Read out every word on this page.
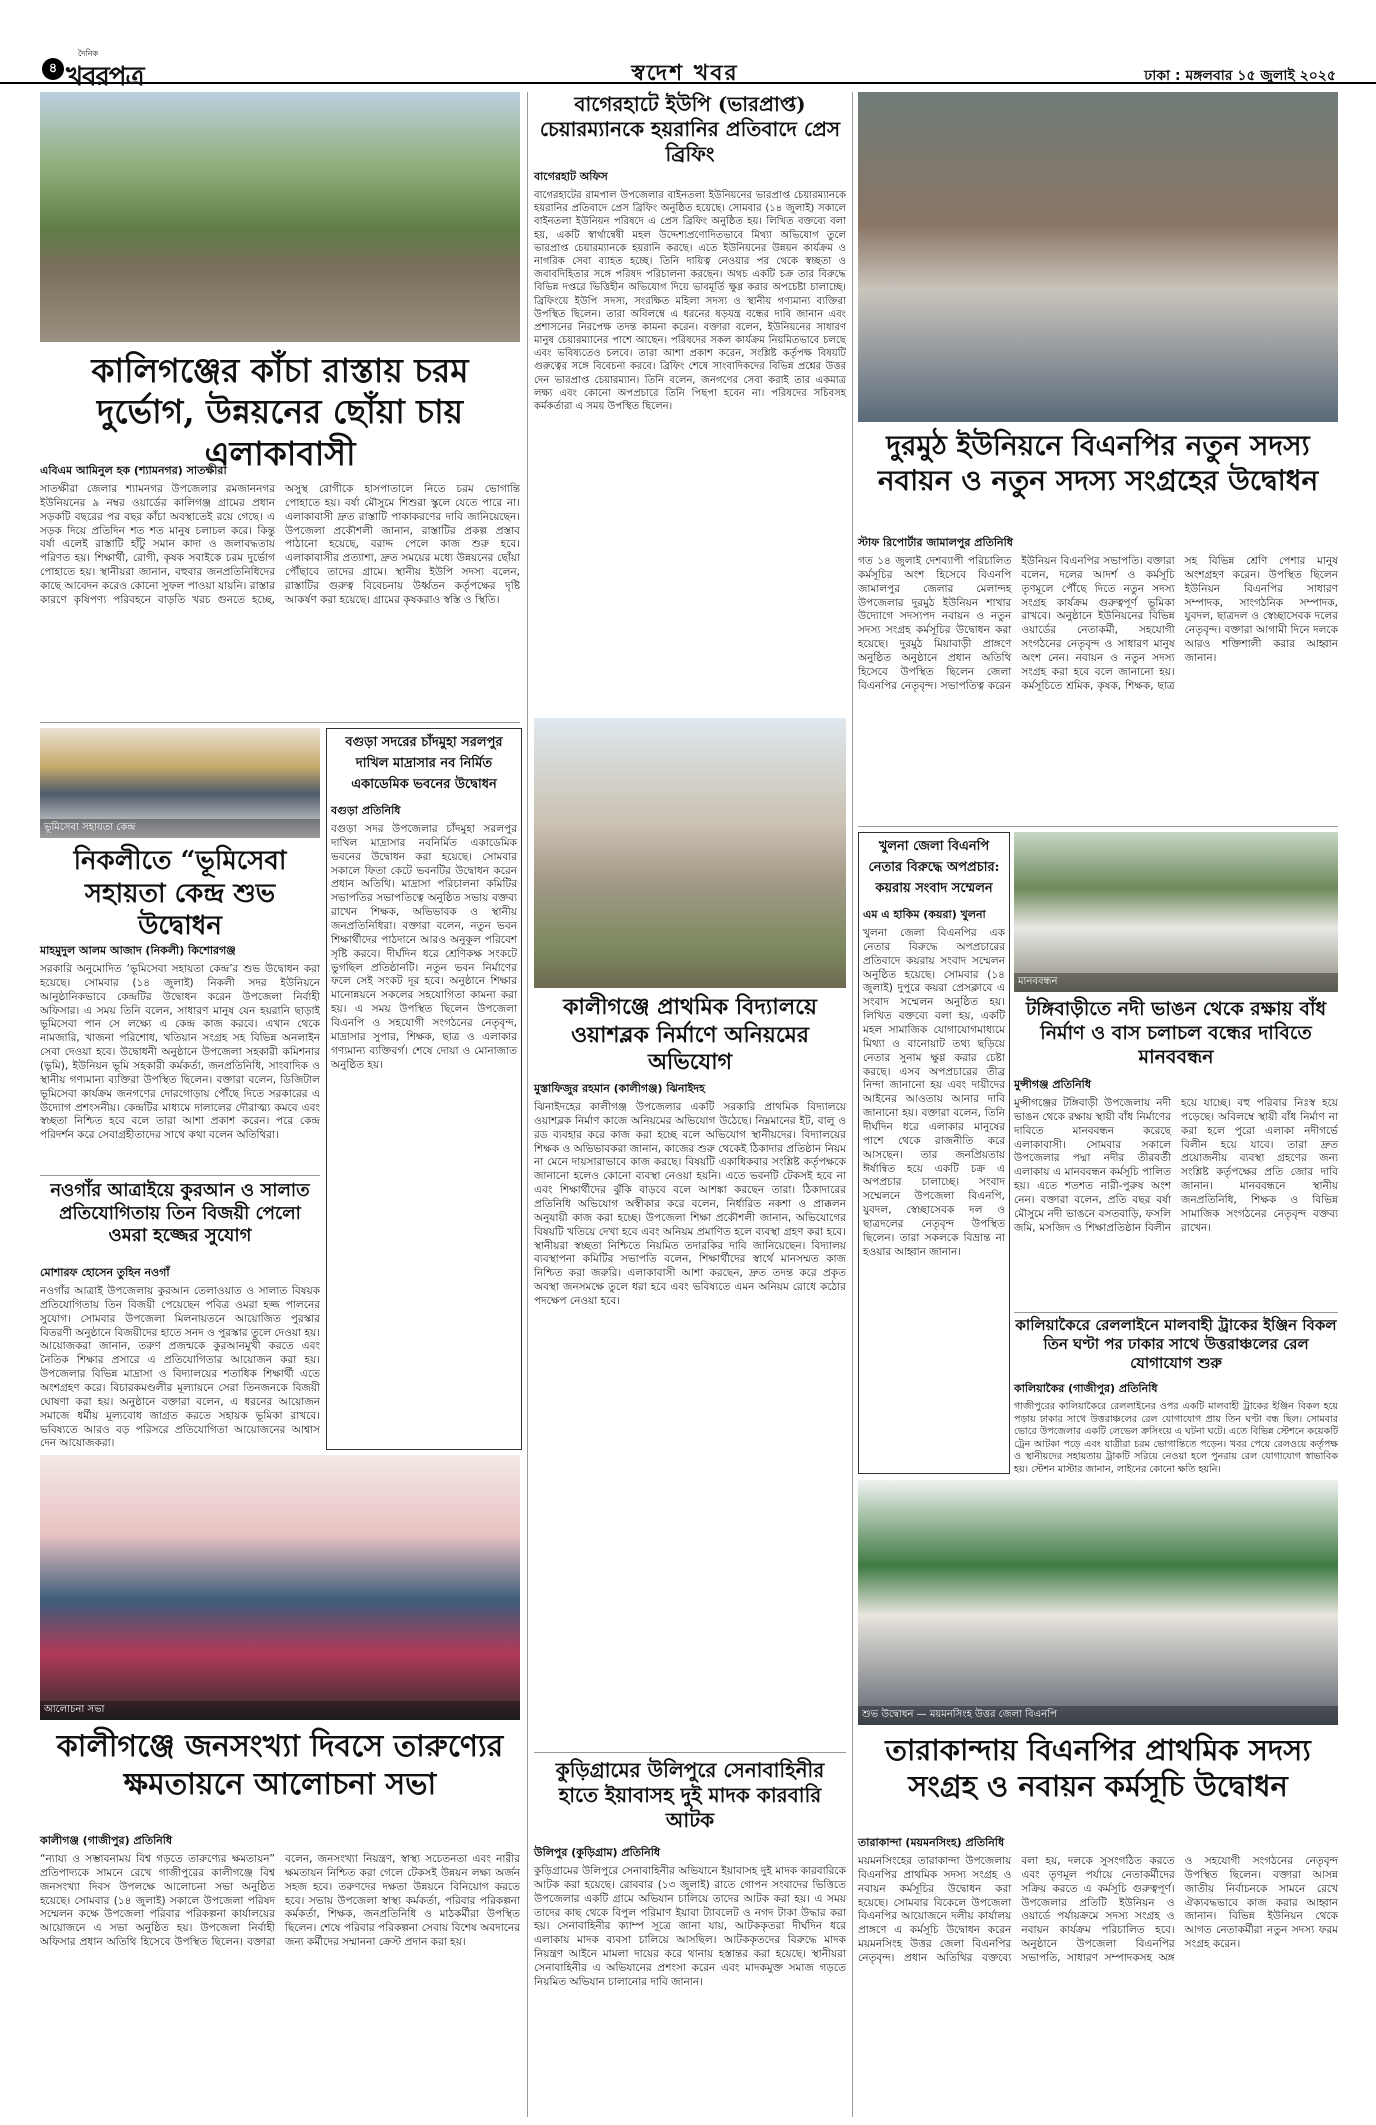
৪
দৈনিক
খবরপত্র	স্বদেশ খবর	ঢাকা : মঙ্গলবার ১৫ জুলাই ২০২৫
কালিগঞ্জের কাঁচা রাস্তায় চরম দুর্ভোগ, উন্নয়নের ছোঁয়া চায় এলাকাবাসী
এবিএম আমিনুল হক (শ্যামনগর) সাতক্ষীরা
সাতক্ষীরা জেলার শ্যামনগর উপজেলার রমজাননগর ইউনিয়নের ৯ নম্বর ওয়ার্ডের কালিগঞ্জ গ্রামের প্রধান সড়কটি বছরের পর বছর কাঁচা অবস্থাতেই রয়ে গেছে। এ সড়ক দিয়ে প্রতিদিন শত শত মানুষ চলাচল করে। কিন্তু বর্ষা এলেই রাস্তাটি হাঁটু সমান কাদা ও জলাবদ্ধতায় পরিণত হয়। শিক্ষার্থী, রোগী, কৃষক সবাইকে চরম দুর্ভোগ পোহাতে হয়। স্থানীয়রা জানান, বহুবার জনপ্রতিনিধিদের কাছে আবেদন করেও কোনো সুফল পাওয়া যায়নি। রাস্তার কারণে কৃষিপণ্য পরিবহনে বাড়তি খরচ গুনতে হচ্ছে, অসুস্থ রোগীকে হাসপাতালে নিতে চরম ভোগান্তি পোহাতে হয়। বর্ষা মৌসুমে শিশুরা স্কুলে যেতে পারে না। এলাকাবাসী দ্রুত রাস্তাটি পাকাকরণের দাবি জানিয়েছেন। উপজেলা প্রকৌশলী জানান, রাস্তাটির প্রকল্প প্রস্তাব পাঠানো হয়েছে, বরাদ্দ পেলে কাজ শুরু হবে। এলাকাবাসীর প্রত্যাশা, দ্রুত সময়ের মধ্যে উন্নয়নের ছোঁয়া পৌঁছাবে তাদের গ্রামে। স্থানীয় ইউপি সদস্য বলেন, রাস্তাটির গুরুত্ব বিবেচনায় উর্ধ্বতন কর্তৃপক্ষের দৃষ্টি আকর্ষণ করা হয়েছে। গ্রামের কৃষকরাও স্বস্তি ও স্থিতি।
ভূমিসেবা সহায়তা কেন্দ্র
নিকলীতে “ভূমিসেবা সহায়তা কেন্দ্র শুভ উদ্বোধন
মাহমুদুল আলম আজাদ (নিকলী) কিশোরগঞ্জ
সরকারি অনুমোদিত ‘ভূমিসেবা সহায়তা কেন্দ্র’র শুভ উদ্বোধন করা হয়েছে। সোমবার (১৪ জুলাই) নিকলী সদর ইউনিয়নে আনুষ্ঠানিকভাবে কেন্দ্রটির উদ্বোধন করেন উপজেলা নির্বাহী অফিসার। এ সময় তিনি বলেন, সাধারণ মানুষ যেন হয়রানি ছাড়াই ভূমিসেবা পান সে লক্ষ্যে এ কেন্দ্র কাজ করবে। এখান থেকে নামজারি, খাজনা পরিশোধ, খতিয়ান সংগ্রহ সহ বিভিন্ন অনলাইন সেবা দেওয়া হবে। উদ্বোধনী অনুষ্ঠানে উপজেলা সহকারী কমিশনার (ভূমি), ইউনিয়ন ভূমি সহকারী কর্মকর্তা, জনপ্রতিনিধি, সাংবাদিক ও স্থানীয় গণ্যমান্য ব্যক্তিরা উপস্থিত ছিলেন। বক্তারা বলেন, ডিজিটাল ভূমিসেবা কার্যক্রম জনগণের দোরগোড়ায় পৌঁছে দিতে সরকারের এ উদ্যোগ প্রশংসনীয়। কেন্দ্রটির মাধ্যমে দালালের দৌরাত্ম্য কমবে এবং স্বচ্ছতা নিশ্চিত হবে বলে তারা আশা প্রকাশ করেন। পরে কেন্দ্র পরিদর্শন করে সেবাগ্রহীতাদের সাথে কথা বলেন অতিথিরা।
বগুড়া সদরের চাঁদমুহা সরলপুর দাখিল মাদ্রাসার নব নির্মিত একাডেমিক ভবনের উদ্বোধন
বগুড়া প্রতিনিধি
বগুড়া সদর উপজেলার চাঁদমুহা সরলপুর দাখিল মাদ্রাসার নবনির্মিত একাডেমিক ভবনের উদ্বোধন করা হয়েছে। সোমবার সকালে ফিতা কেটে ভবনটির উদ্বোধন করেন প্রধান অতিথি। মাদ্রাসা পরিচালনা কমিটির সভাপতির সভাপতিত্বে অনুষ্ঠিত সভায় বক্তব্য রাখেন শিক্ষক, অভিভাবক ও স্থানীয় জনপ্রতিনিধিরা। বক্তারা বলেন, নতুন ভবন শিক্ষার্থীদের পাঠদানে আরও অনুকূল পরিবেশ সৃষ্টি করবে। দীর্ঘদিন ধরে শ্রেণিকক্ষ সংকটে ভুগছিল প্রতিষ্ঠানটি। নতুন ভবন নির্মাণের ফলে সেই সংকট দূর হবে। অনুষ্ঠানে শিক্ষার মানোন্নয়নে সকলের সহযোগিতা কামনা করা হয়। এ সময় উপস্থিত ছিলেন উপজেলা বিএনপি ও সহযোগী সংগঠনের নেতৃবৃন্দ, মাদ্রাসার সুপার, শিক্ষক, ছাত্র ও এলাকার গণ্যমান্য ব্যক্তিবর্গ। শেষে দোয়া ও মোনাজাত অনুষ্ঠিত হয়।
নওগাঁর আত্রাইয়ে কুরআন ও সালাত প্রতিযোগিতায় তিন বিজয়ী পেলো ওমরা হজ্জের সুযোগ
মোশারফ হোসেন তুহিন নওগাঁ
নওগাঁর আত্রাই উপজেলায় কুরআন তেলাওয়াত ও সালাত বিষয়ক প্রতিযোগিতায় তিন বিজয়ী পেয়েছেন পবিত্র ওমরা হজ্জ পালনের সুযোগ। সোমবার উপজেলা মিলনায়তনে আয়োজিত পুরস্কার বিতরণী অনুষ্ঠানে বিজয়ীদের হাতে সনদ ও পুরস্কার তুলে দেওয়া হয়। আয়োজকরা জানান, তরুণ প্রজন্মকে কুরআনমুখী করতে এবং নৈতিক শিক্ষার প্রসারে এ প্রতিযোগিতার আয়োজন করা হয়। উপজেলার বিভিন্ন মাদ্রাসা ও বিদ্যালয়ের শতাধিক শিক্ষার্থী এতে অংশগ্রহণ করে। বিচারকমণ্ডলীর মূল্যায়নে সেরা তিনজনকে বিজয়ী ঘোষণা করা হয়। অনুষ্ঠানে বক্তারা বলেন, এ ধরনের আয়োজন সমাজে ধর্মীয় মূল্যবোধ জাগ্রত করতে সহায়ক ভূমিকা রাখবে। ভবিষ্যতে আরও বড় পরিসরে প্রতিযোগিতা আয়োজনের আশ্বাস দেন আয়োজকরা।
আলোচনা সভা
কালীগঞ্জে জনসংখ্যা দিবসে তারুণ্যের ক্ষমতায়নে আলোচনা সভা
কালীগঞ্জ (গাজীপুর) প্রতিনিধি
“ন্যায্য ও সম্ভাবনাময় বিশ্ব গড়তে তারুণ্যের ক্ষমতায়ন” প্রতিপাদ্যকে সামনে রেখে গাজীপুরের কালীগঞ্জে বিশ্ব জনসংখ্যা দিবস উপলক্ষে আলোচনা সভা অনুষ্ঠিত হয়েছে। সোমবার (১৪ জুলাই) সকালে উপজেলা পরিষদ সম্মেলন কক্ষে উপজেলা পরিবার পরিকল্পনা কার্যালয়ের আয়োজনে এ সভা অনুষ্ঠিত হয়। উপজেলা নির্বাহী অফিসার প্রধান অতিথি হিসেবে উপস্থিত ছিলেন। বক্তারা বলেন, জনসংখ্যা নিয়ন্ত্রণ, স্বাস্থ্য সচেতনতা এবং নারীর ক্ষমতায়ন নিশ্চিত করা গেলে টেকসই উন্নয়ন লক্ষ্য অর্জন সহজ হবে। তরুণদের দক্ষতা উন্নয়নে বিনিয়োগ করতে হবে। সভায় উপজেলা স্বাস্থ্য কর্মকর্তা, পরিবার পরিকল্পনা কর্মকর্তা, শিক্ষক, জনপ্রতিনিধি ও মাঠকর্মীরা উপস্থিত ছিলেন। শেষে পরিবার পরিকল্পনা সেবায় বিশেষ অবদানের জন্য কর্মীদের সম্মাননা ক্রেস্ট প্রদান করা হয়।
বাগেরহাটে ইউপি (ভারপ্রাপ্ত) চেয়ারম্যানকে হয়রানির প্রতিবাদে প্রেস ব্রিফিং
বাগেরহাট অফিস
বাগেরহাটের রামপাল উপজেলার বাইনতলা ইউনিয়নের ভারপ্রাপ্ত চেয়ারম্যানকে হয়রানির প্রতিবাদে প্রেস ব্রিফিং অনুষ্ঠিত হয়েছে। সোমবার (১৪ জুলাই) সকালে বাইনতলা ইউনিয়ন পরিষদে এ প্রেস ব্রিফিং অনুষ্ঠিত হয়। লিখিত বক্তব্যে বলা হয়, একটি স্বার্থান্বেষী মহল উদ্দেশ্যপ্রণোদিতভাবে মিথ্যা অভিযোগ তুলে ভারপ্রাপ্ত চেয়ারম্যানকে হয়রানি করছে। এতে ইউনিয়নের উন্নয়ন কার্যক্রম ও নাগরিক সেবা ব্যাহত হচ্ছে। তিনি দায়িত্ব নেওয়ার পর থেকে স্বচ্ছতা ও জবাবদিহিতার সঙ্গে পরিষদ পরিচালনা করছেন। অথচ একটি চক্র তার বিরুদ্ধে বিভিন্ন দপ্তরে ভিত্তিহীন অভিযোগ দিয়ে ভাবমূর্তি ক্ষুণ্ণ করার অপচেষ্টা চালাচ্ছে। ব্রিফিংয়ে ইউপি সদস্য, সংরক্ষিত মহিলা সদস্য ও স্থানীয় গণ্যমান্য ব্যক্তিরা উপস্থিত ছিলেন। তারা অবিলম্বে এ ধরনের ষড়যন্ত্র বন্ধের দাবি জানান এবং প্রশাসনের নিরপেক্ষ তদন্ত কামনা করেন। বক্তারা বলেন, ইউনিয়নের সাধারণ মানুষ চেয়ারম্যানের পাশে আছেন। পরিষদের সকল কার্যক্রম নিয়মিতভাবে চলছে এবং ভবিষ্যতেও চলবে। তারা আশা প্রকাশ করেন, সংশ্লিষ্ট কর্তৃপক্ষ বিষয়টি গুরুত্বের সঙ্গে বিবেচনা করবে। ব্রিফিং শেষে সাংবাদিকদের বিভিন্ন প্রশ্নের উত্তর দেন ভারপ্রাপ্ত চেয়ারম্যান। তিনি বলেন, জনগণের সেবা করাই তার একমাত্র লক্ষ্য এবং কোনো অপপ্রচারে তিনি পিছপা হবেন না। পরিষদের সচিবসহ কর্মকর্তারা এ সময় উপস্থিত ছিলেন।
কালীগঞ্জে প্রাথমিক বিদ্যালয়ে ওয়াশব্লক নির্মাণে অনিয়মের অভিযোগ
মুস্তাফিজুর রহমান (কালীগঞ্জ) ঝিনাইদহ
ঝিনাইদহের কালীগঞ্জ উপজেলার একটি সরকারি প্রাথমিক বিদ্যালয়ে ওয়াশব্লক নির্মাণ কাজে অনিয়মের অভিযোগ উঠেছে। নিম্নমানের ইট, বালু ও রড ব্যবহার করে কাজ করা হচ্ছে বলে অভিযোগ স্থানীয়দের। বিদ্যালয়ের শিক্ষক ও অভিভাবকরা জানান, কাজের শুরু থেকেই ঠিকাদার প্রতিষ্ঠান নিয়ম না মেনে দায়সারাভাবে কাজ করছে। বিষয়টি একাধিকবার সংশ্লিষ্ট কর্তৃপক্ষকে জানানো হলেও কোনো ব্যবস্থা নেওয়া হয়নি। এতে ভবনটি টেকসই হবে না এবং শিক্ষার্থীদের ঝুঁকি বাড়বে বলে আশঙ্কা করছেন তারা। ঠিকাদারের প্রতিনিধি অভিযোগ অস্বীকার করে বলেন, নির্ধারিত নকশা ও প্রাক্কলন অনুযায়ী কাজ করা হচ্ছে। উপজেলা শিক্ষা প্রকৌশলী জানান, অভিযোগের বিষয়টি খতিয়ে দেখা হবে এবং অনিয়ম প্রমাণিত হলে ব্যবস্থা গ্রহণ করা হবে। স্থানীয়রা স্বচ্ছতা নিশ্চিতে নিয়মিত তদারকির দাবি জানিয়েছেন। বিদ্যালয় ব্যবস্থাপনা কমিটির সভাপতি বলেন, শিক্ষার্থীদের স্বার্থে মানসম্মত কাজ নিশ্চিত করা জরুরি। এলাকাবাসী আশা করছেন, দ্রুত তদন্ত করে প্রকৃত অবস্থা জনসমক্ষে তুলে ধরা হবে এবং ভবিষ্যতে এমন অনিয়ম রোধে কঠোর পদক্ষেপ নেওয়া হবে।
কুড়িগ্রামের উলিপুরে সেনাবাহিনীর হাতে ইয়াবাসহ দুই মাদক কারবারি আটক
উলিপুর (কুড়িগ্রাম) প্রতিনিধি
কুড়িগ্রামের উলিপুরে সেনাবাহিনীর অভিযানে ইয়াবাসহ দুই মাদক কারবারিকে আটক করা হয়েছে। রোববার (১৩ জুলাই) রাতে গোপন সংবাদের ভিত্তিতে উপজেলার একটি গ্রামে অভিযান চালিয়ে তাদের আটক করা হয়। এ সময় তাদের কাছ থেকে বিপুল পরিমাণ ইয়াবা ট্যাবলেট ও নগদ টাকা উদ্ধার করা হয়। সেনাবাহিনীর ক্যাম্প সূত্রে জানা যায়, আটককৃতরা দীর্ঘদিন ধরে এলাকায় মাদক ব্যবসা চালিয়ে আসছিল। আটককৃতদের বিরুদ্ধে মাদক নিয়ন্ত্রণ আইনে মামলা দায়ের করে থানায় হস্তান্তর করা হয়েছে। স্থানীয়রা সেনাবাহিনীর এ অভিযানের প্রশংসা করেন এবং মাদকমুক্ত সমাজ গড়তে নিয়মিত অভিযান চালানোর দাবি জানান।
দুরমুঠ ইউনিয়নে বিএনপির নতুন সদস্য নবায়ন ও নতুন সদস্য সংগ্রহের উদ্বোধন
স্টাফ রিপোর্টার জামালপুর প্রতিনিধি
গত ১৪ জুলাই দেশব্যাপী পরিচালিত কর্মসূচির অংশ হিসেবে বিএনপি জামালপুর জেলার মেলান্দহ উপজেলার দুরমুঠ ইউনিয়ন শাখার উদ্যোগে সদস্যপদ নবায়ন ও নতুন সদস্য সংগ্রহ কর্মসূচির উদ্বোধন করা হয়েছে। দুরমুঠ মিয়াবাড়ী প্রাঙ্গণে অনুষ্ঠিত অনুষ্ঠানে প্রধান অতিথি হিসেবে উপস্থিত ছিলেন জেলা বিএনপির নেতৃবৃন্দ। সভাপতিত্ব করেন ইউনিয়ন বিএনপির সভাপতি। বক্তারা বলেন, দলের আদর্শ ও কর্মসূচি তৃণমূলে পৌঁছে দিতে নতুন সদস্য সংগ্রহ কার্যক্রম গুরুত্বপূর্ণ ভূমিকা রাখবে। অনুষ্ঠানে ইউনিয়নের বিভিন্ন ওয়ার্ডের নেতাকর্মী, সহযোগী সংগঠনের নেতৃবৃন্দ ও সাধারণ মানুষ অংশ নেন। নবায়ন ও নতুন সদস্য সংগ্রহ করা হবে বলে জানানো হয়। কর্মসূচিতে শ্রমিক, কৃষক, শিক্ষক, ছাত্র সহ বিভিন্ন শ্রেণি পেশার মানুষ অংশগ্রহণ করেন। উপস্থিত ছিলেন ইউনিয়ন বিএনপির সাধারণ সম্পাদক, সাংগঠনিক সম্পাদক, যুবদল, ছাত্রদল ও স্বেচ্ছাসেবক দলের নেতৃবৃন্দ। বক্তারা আগামী দিনে দলকে আরও শক্তিশালী করার আহ্বান জানান।
খুলনা জেলা বিএনপি নেতার বিরুদ্ধে অপপ্রচার: কয়রায় সংবাদ সম্মেলন
এম এ হাকিম (কয়রা) খুলনা
খুলনা জেলা বিএনপির এক নেতার বিরুদ্ধে অপপ্রচারের প্রতিবাদে কয়রায় সংবাদ সম্মেলন অনুষ্ঠিত হয়েছে। সোমবার (১৪ জুলাই) দুপুরে কয়রা প্রেসক্লাবে এ সংবাদ সম্মেলন অনুষ্ঠিত হয়। লিখিত বক্তব্যে বলা হয়, একটি মহল সামাজিক যোগাযোগমাধ্যমে মিথ্যা ও বানোয়াট তথ্য ছড়িয়ে নেতার সুনাম ক্ষুণ্ণ করার চেষ্টা করছে। এসব অপপ্রচারের তীব্র নিন্দা জানানো হয় এবং দায়ীদের আইনের আওতায় আনার দাবি জানানো হয়। বক্তারা বলেন, তিনি দীর্ঘদিন ধরে এলাকার মানুষের পাশে থেকে রাজনীতি করে আসছেন। তার জনপ্রিয়তায় ঈর্ষান্বিত হয়ে একটি চক্র এ অপপ্রচার চালাচ্ছে। সংবাদ সম্মেলনে উপজেলা বিএনপি, যুবদল, স্বেচ্ছাসেবক দল ও ছাত্রদলের নেতৃবৃন্দ উপস্থিত ছিলেন। তারা সকলকে বিভ্রান্ত না হওয়ার আহ্বান জানান।
মানববন্ধন
টঙ্গিবাড়ীতে নদী ভাঙন থেকে রক্ষায় বাঁধ নির্মাণ ও বাস চলাচল বন্ধের দাবিতে মানববন্ধন
মুন্সীগঞ্জ প্রতিনিধি
মুন্সীগঞ্জের টঙ্গিবাড়ী উপজেলায় নদী ভাঙন থেকে রক্ষায় স্থায়ী বাঁধ নির্মাণের দাবিতে মানববন্ধন করেছে এলাকাবাসী। সোমবার সকালে উপজেলার পদ্মা নদীর তীরবর্তী এলাকায় এ মানববন্ধন কর্মসূচি পালিত হয়। এতে শতশত নারী-পুরুষ অংশ নেন। বক্তারা বলেন, প্রতি বছর বর্ষা মৌসুমে নদী ভাঙনে বসতবাড়ি, ফসলি জমি, মসজিদ ও শিক্ষাপ্রতিষ্ঠান বিলীন হয়ে যাচ্ছে। বহু পরিবার নিঃস্ব হয়ে পড়েছে। অবিলম্বে স্থায়ী বাঁধ নির্মাণ না করা হলে পুরো এলাকা নদীগর্ভে বিলীন হয়ে যাবে। তারা দ্রুত প্রয়োজনীয় ব্যবস্থা গ্রহণের জন্য সংশ্লিষ্ট কর্তৃপক্ষের প্রতি জোর দাবি জানান। মানববন্ধনে স্থানীয় জনপ্রতিনিধি, শিক্ষক ও বিভিন্ন সামাজিক সংগঠনের নেতৃবৃন্দ বক্তব্য রাখেন।
কালিয়াকৈরে রেললাইনে মালবাহী ট্রাকের ইঞ্জিন বিকল তিন ঘণ্টা পর ঢাকার সাথে উত্তরাঞ্চলের রেল যোগাযোগ শুরু
কালিয়াকৈর (গাজীপুর) প্রতিনিধি
গাজীপুরের কালিয়াকৈরে রেললাইনের ওপর একটি মালবাহী ট্রাকের ইঞ্জিন বিকল হয়ে পড়ায় ঢাকার সাথে উত্তরাঞ্চলের রেল যোগাযোগ প্রায় তিন ঘণ্টা বন্ধ ছিল। সোমবার ভোরে উপজেলার একটি লেভেল ক্রসিংয়ে এ ঘটনা ঘটে। এতে বিভিন্ন স্টেশনে কয়েকটি ট্রেন আটকা পড়ে এবং যাত্রীরা চরম ভোগান্তিতে পড়েন। খবর পেয়ে রেলওয়ে কর্তৃপক্ষ ও স্থানীয়দের সহায়তায় ট্রাকটি সরিয়ে নেওয়া হলে পুনরায় রেল যোগাযোগ স্বাভাবিক হয়। স্টেশন মাস্টার জানান, লাইনের কোনো ক্ষতি হয়নি।
শুভ উদ্বোধন — ময়মনসিংহ উত্তর জেলা বিএনপি
তারাকান্দায় বিএনপির প্রাথমিক সদস্য সংগ্রহ ও নবায়ন কর্মসূচি উদ্বোধন
তারাকান্দা (ময়মনসিংহ) প্রতিনিধি
ময়মনসিংহের তারাকান্দা উপজেলায় বিএনপির প্রাথমিক সদস্য সংগ্রহ ও নবায়ন কর্মসূচির উদ্বোধন করা হয়েছে। সোমবার বিকেলে উপজেলা বিএনপির আয়োজনে দলীয় কার্যালয় প্রাঙ্গণে এ কর্মসূচি উদ্বোধন করেন ময়মনসিংহ উত্তর জেলা বিএনপির নেতৃবৃন্দ। প্রধান অতিথির বক্তব্যে বলা হয়, দলকে সুসংগঠিত করতে এবং তৃণমূল পর্যায়ে নেতাকর্মীদের সক্রিয় করতে এ কর্মসূচি গুরুত্বপূর্ণ। উপজেলার প্রতিটি ইউনিয়ন ও ওয়ার্ডে পর্যায়ক্রমে সদস্য সংগ্রহ ও নবায়ন কার্যক্রম পরিচালিত হবে। অনুষ্ঠানে উপজেলা বিএনপির সভাপতি, সাধারণ সম্পাদকসহ অঙ্গ ও সহযোগী সংগঠনের নেতৃবৃন্দ উপস্থিত ছিলেন। বক্তারা আসন্ন জাতীয় নির্বাচনকে সামনে রেখে ঐক্যবদ্ধভাবে কাজ করার আহ্বান জানান। বিভিন্ন ইউনিয়ন থেকে আগত নেতাকর্মীরা নতুন সদস্য ফরম সংগ্রহ করেন।
